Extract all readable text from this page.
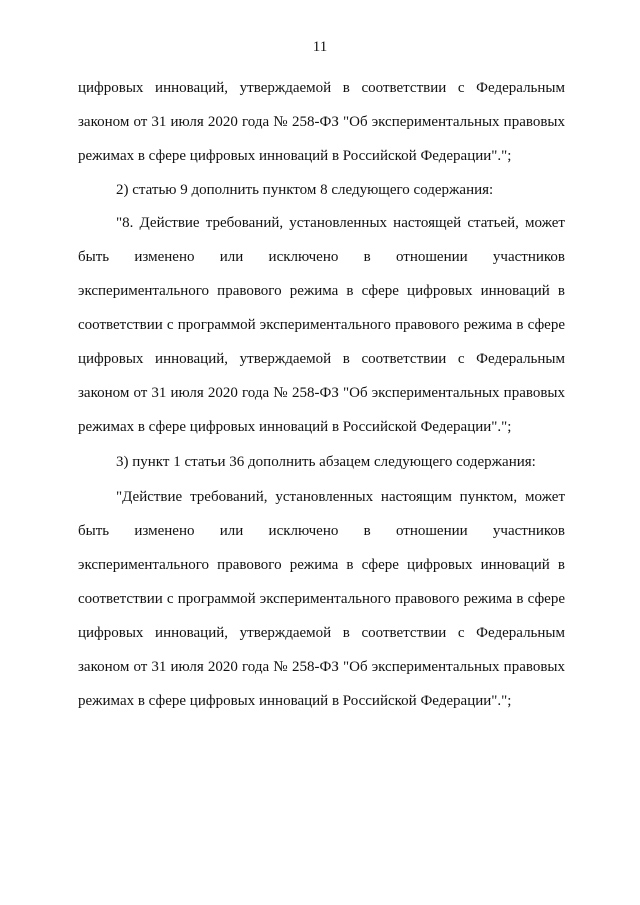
11
цифровых инноваций, утверждаемой в соответствии с Федеральным
законом от 31 июля 2020 года № 258-ФЗ "Об экспериментальных правовых
режимах в сфере цифровых инноваций в Российской Федерации".";
2) статью 9 дополнить пунктом 8 следующего содержания:
"8. Действие требований, установленных настоящей статьей, может
быть изменено или исключено в отношении участников
экспериментального правового режима в сфере цифровых инноваций в
соответствии с программой экспериментального правового режима в сфере
цифровых инноваций, утверждаемой в соответствии с Федеральным
законом от 31 июля 2020 года № 258-ФЗ "Об экспериментальных правовых
режимах в сфере цифровых инноваций в Российской Федерации".";
3) пункт 1 статьи 36 дополнить абзацем следующего содержания:
"Действие требований, установленных настоящим пунктом, может
быть изменено или исключено в отношении участников
экспериментального правового режима в сфере цифровых инноваций в
соответствии с программой экспериментального правового режима в сфере
цифровых инноваций, утверждаемой в соответствии с Федеральным
законом от 31 июля 2020 года № 258-ФЗ "Об экспериментальных правовых
режимах в сфере цифровых инноваций в Российской Федерации".";
